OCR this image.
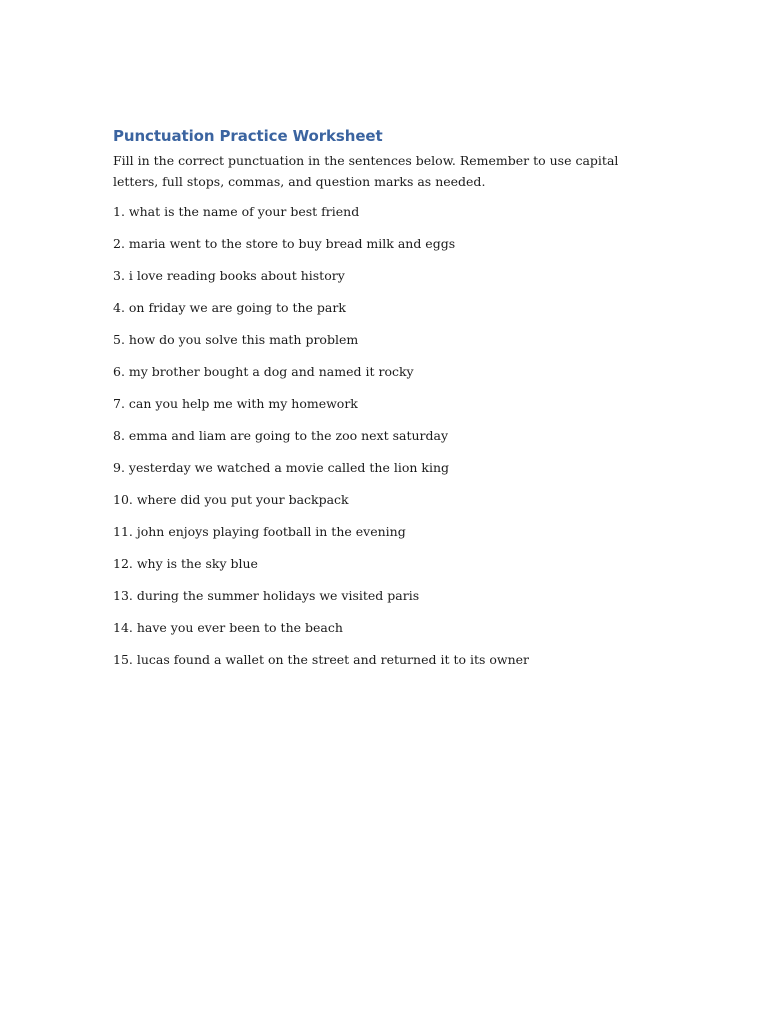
Punctuation Practice Worksheet

Fill in the correct punctuation in the sentences below. Remember to use capital letters, full stops, commas, and question marks as needed.

1. what is the name of your best friend
2. maria went to the store to buy bread milk and eggs
3. i love reading books about history
4. on friday we are going to the park
5. how do you solve this math problem
6. my brother bought a dog and named it rocky
7. can you help me with my homework
8. emma and liam are going to the zoo next saturday
9. yesterday we watched a movie called the lion king
10. where did you put your backpack
11. john enjoys playing football in the evening
12. why is the sky blue
13. during the summer holidays we visited paris
14. have you ever been to the beach
15. lucas found a wallet on the street and returned it to its owner
